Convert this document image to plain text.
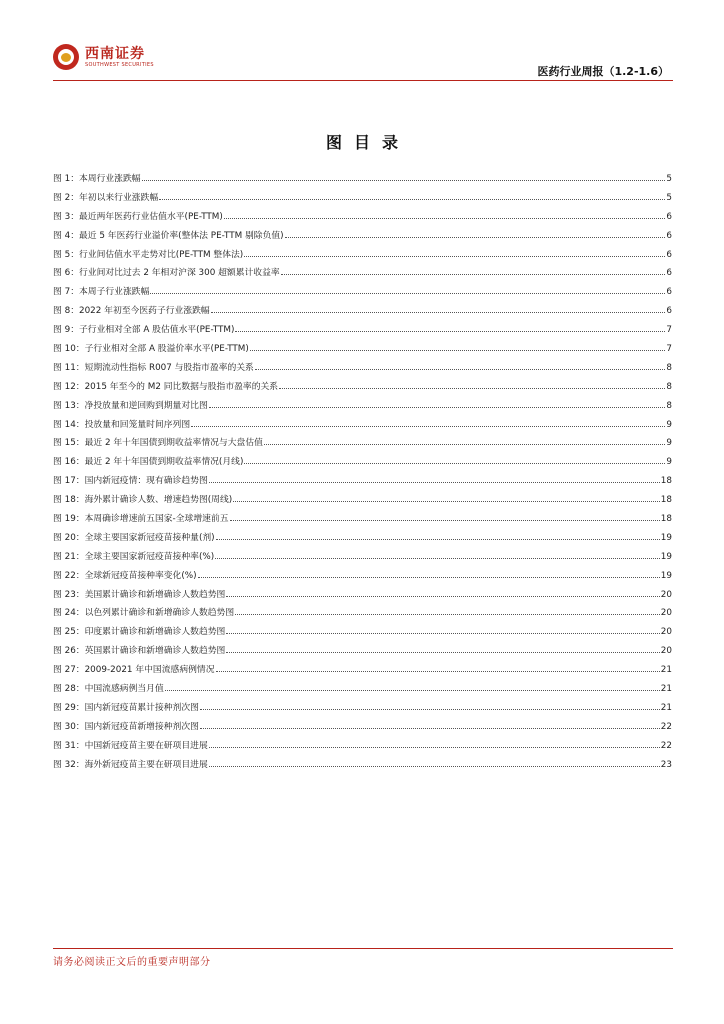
西南证券
SOUTHWEST SECURITIES
医药行业周报（1.2-1.6）
图目录
图 1：本周行业涨跌幅	5
图 2：年初以来行业涨跌幅	5
图 3：最近两年医药行业估值水平(PE-TTM)	6
图 4：最近 5 年医药行业溢价率(整体法 PE-TTM 剔除负值)	6
图 5：行业间估值水平走势对比(PE-TTM 整体法)	6
图 6：行业间对比过去 2 年相对沪深 300 超额累计收益率	6
图 7：本周子行业涨跌幅	6
图 8：2022 年初至今医药子行业涨跌幅	6
图 9：子行业相对全部 A 股估值水平(PE-TTM)	7
图 10：子行业相对全部 A 股溢价率水平(PE-TTM)	7
图 11：短期流动性指标 R007 与股指市盈率的关系	8
图 12：2015 年至今的 M2 同比数据与股指市盈率的关系	8
图 13：净投放量和逆回购到期量对比图	8
图 14：投放量和回笼量时间序列图	9
图 15：最近 2 年十年国债到期收益率情况与大盘估值	9
图 16：最近 2 年十年国债到期收益率情况(月线)	9
图 17：国内新冠疫情：现有确诊趋势图	18
图 18：海外累计确诊人数、增速趋势图(周线)	18
图 19：本周确诊增速前五国家-全球增速前五	18
图 20：全球主要国家新冠疫苗接种量(剂)	19
图 21：全球主要国家新冠疫苗接种率(%)	19
图 22：全球新冠疫苗接种率变化(%)	19
图 23：美国累计确诊和新增确诊人数趋势图	20
图 24：以色列累计确诊和新增确诊人数趋势图	20
图 25：印度累计确诊和新增确诊人数趋势图	20
图 26：英国累计确诊和新增确诊人数趋势图	20
图 27：2009-2021 年中国流感病例情况	21
图 28：中国流感病例当月值	21
图 29：国内新冠疫苗累计接种剂次图	21
图 30：国内新冠疫苗新增接种剂次图	22
图 31：中国新冠疫苗主要在研项目进展	22
图 32：海外新冠疫苗主要在研项目进展	23
请务必阅读正文后的重要声明部分
